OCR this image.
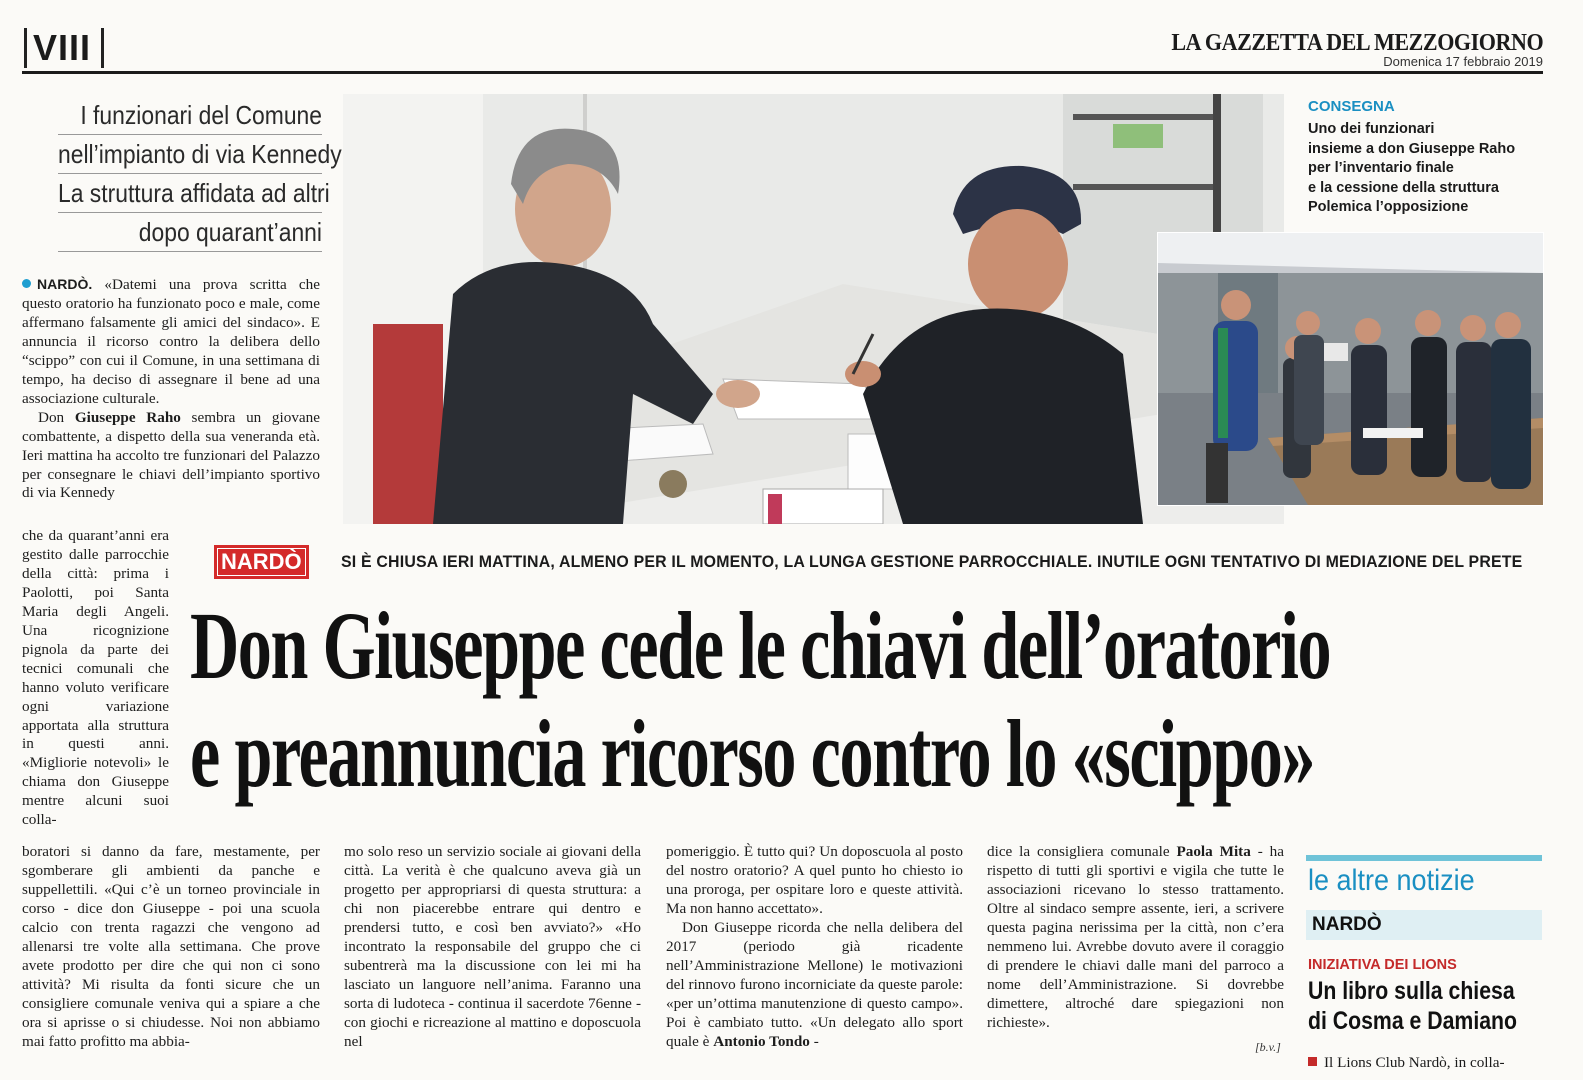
VIII	LA GAZZETTA DEL MEZZOGIORNO
Domenica 17 febbraio 2019
I funzionari del Comune
nell’impianto di via Kennedy
La struttura affidata ad altri
dopo quarant’anni
CONSEGNA
Uno dei funzionari
insieme a don Giuseppe Raho
per l’inventario finale
e la cessione della struttura
Polemica l’opposizione
NARDÒ	SI È CHIUSA IERI MATTINA, ALMENO PER IL MOMENTO, LA LUNGA GESTIONE PARROCCHIALE. INUTILE OGNI TENTATIVO DI MEDIAZIONE DEL PRETE
Don Giuseppe cede le chiavi dell’oratorio
e preannuncia ricorso contro lo «scippo»

NARDÒ. «Datemi una prova scritta che questo oratorio ha funzionato poco e male, come affermano falsamente gli amici del sindaco». E annuncia il ricorso contro la delibera dello “scippo” con cui il Comune, in una settimana di tempo, ha deciso di assegnare il bene ad una associazione culturale.

Don Giuseppe Raho sembra un giovane combattente, a dispetto della sua veneranda età. Ieri mattina ha accolto tre funzionari del Palazzo per consegnare le chiavi dell’impianto sportivo di via Kennedy

che da quarant’anni era gestito dalle parrocchie della città: prima i Paolotti, poi Santa Maria degli Angeli. Una ricognizione pignola da parte dei tecnici comunali che hanno voluto verificare ogni variazione apportata alla struttura in questi anni. «Migliorie notevoli» le chiama don Giuseppe mentre alcuni suoi colla-

boratori si danno da fare, mestamente, per sgomberare gli ambienti da panche e suppellettili. «Qui c’è un torneo provinciale in corso - dice don Giuseppe - poi una scuola calcio con trenta ragazzi che vengono ad allenarsi tre volte alla settimana. Che prove avete prodotto per dire che qui non ci sono attività? Mi risulta da fonti sicure che un consigliere comunale veniva qui a spiare a che ora si aprisse o si chiudesse. Noi non abbiamo mai fatto profitto ma abbia-

mo solo reso un servizio sociale ai giovani della città. La verità è che qualcuno aveva già un progetto per appropriarsi di questa struttura: a chi non piacerebbe entrare qui dentro e prendersi tutto, e così ben avviato?» «Ho incontrato la responsabile del gruppo che ci subentrerà ma la discussione con lei mi ha lasciato un languore nell’anima. Faranno una sorta di ludoteca - continua il sacerdote 76enne - con giochi e ricreazione al mattino e doposcuola nel

pomeriggio. È tutto qui? Un doposcuola al posto del nostro oratorio? A quel punto ho chiesto io una proroga, per ospitare loro e queste attività. Ma non hanno accettato».

Don Giuseppe ricorda che nella delibera del 2017 (periodo già ricadente nell’Amministrazione Mellone) le motivazioni del rinnovo furono incorniciate da queste parole: «per un’ottima manutenzione di questo campo». Poi è cambiato tutto. «Un delegato allo sport quale è Antonio Tondo -

dice la consigliera comunale Paola Mita - ha rispetto di tutti gli sportivi e vigila che tutte le associazioni ricevano lo stesso trattamento. Oltre al sindaco sempre assente, ieri, a scrivere questa pagina nerissima per la città, non c’era nemmeno lui. Avrebbe dovuto avere il coraggio di prendere le chiavi dalle mani del parroco a nome dell’Amministrazione. Si dovrebbe dimettere, altroché dare spiegazioni non richieste».

[b.v.]
le altre notizie
NARDÒ
INIZIATIVA DEI LIONS
Un libro sulla chiesa
di Cosma e Damiano
Il Lions Club Nardò, in colla-
